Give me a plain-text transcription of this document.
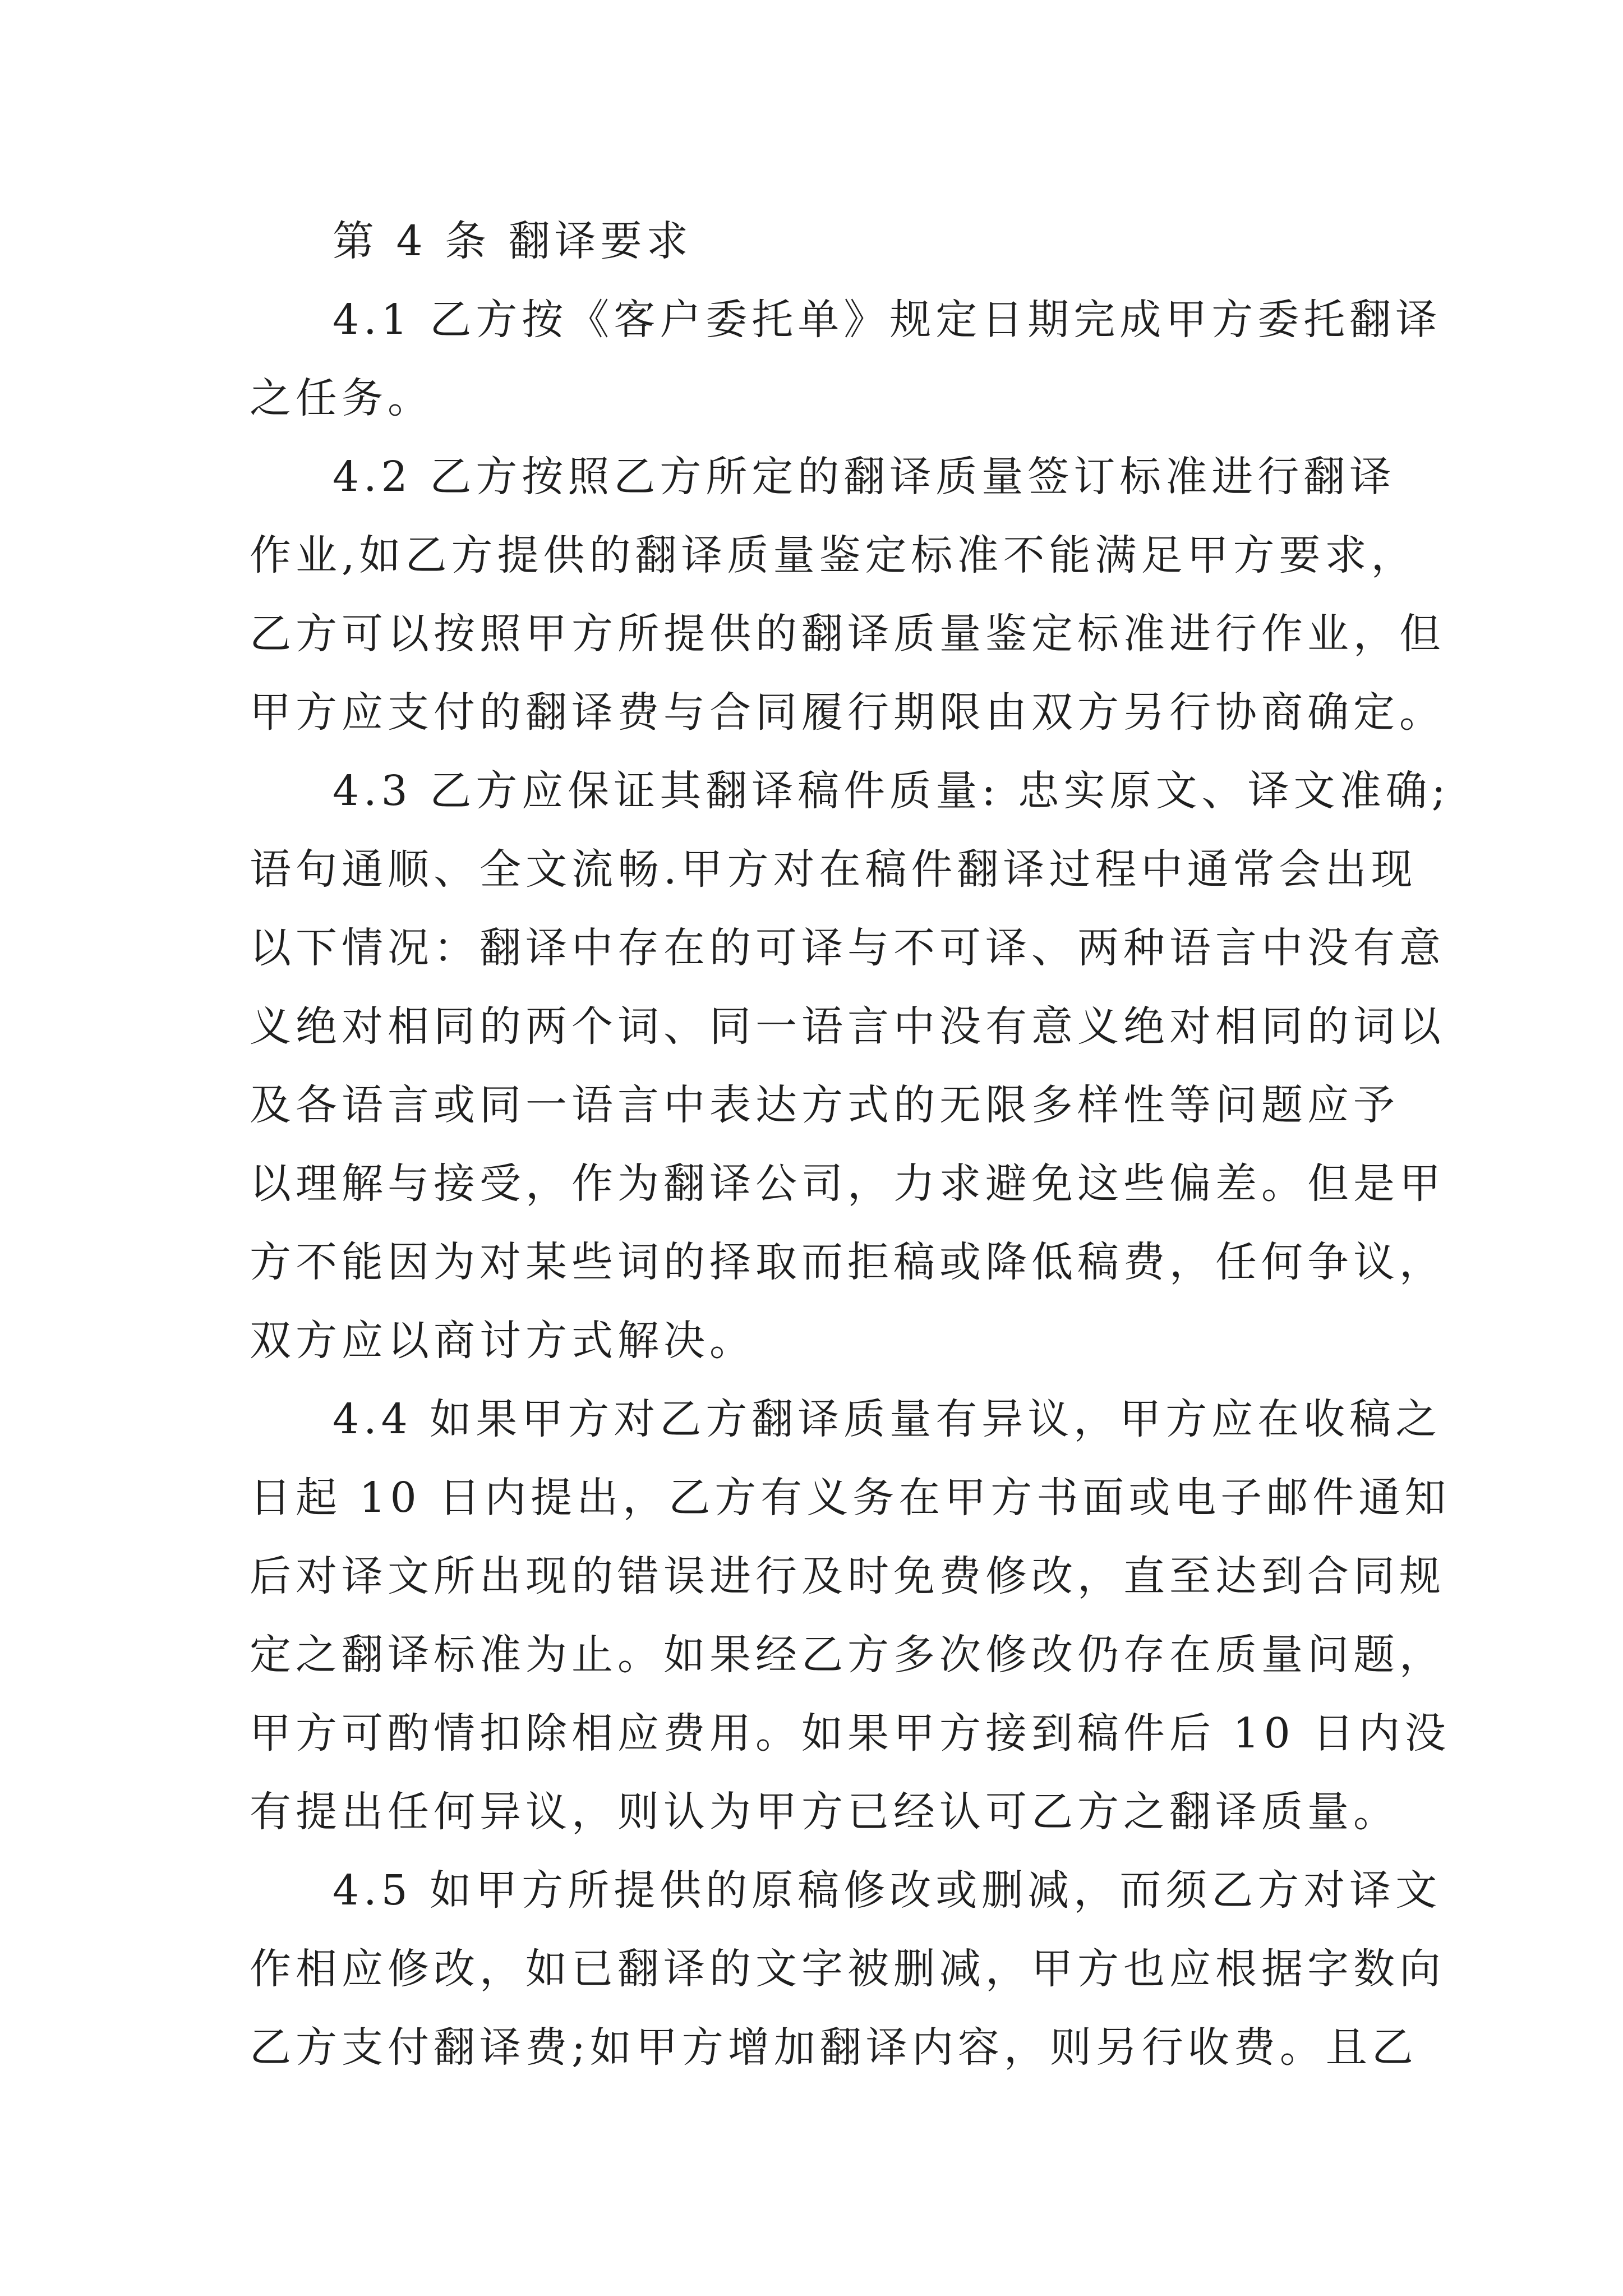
第 4 条 翻译要求
4.1 乙方按《客户委托单》规定日期完成甲方委托翻译
之任务。
4.2 乙方按照乙方所定的翻译质量签订标准进行翻译
作业,如乙方提供的翻译质量鉴定标准不能满足甲方要求，
乙方可以按照甲方所提供的翻译质量鉴定标准进行作业，但
甲方应支付的翻译费与合同履行期限由双方另行协商确定。
4.3 乙方应保证其翻译稿件质量: 忠实原文、译文准确;
语句通顺、全文流畅.甲方对在稿件翻译过程中通常会出现
以下情况：翻译中存在的可译与不可译、两种语言中没有意
义绝对相同的两个词、同一语言中没有意义绝对相同的词以
及各语言或同一语言中表达方式的无限多样性等问题应予
以理解与接受，作为翻译公司，力求避免这些偏差。但是甲
方不能因为对某些词的择取而拒稿或降低稿费，任何争议，
双方应以商讨方式解决。
4.4 如果甲方对乙方翻译质量有异议，甲方应在收稿之
日起 10 日内提出，乙方有义务在甲方书面或电子邮件通知
后对译文所出现的错误进行及时免费修改，直至达到合同规
定之翻译标准为止。如果经乙方多次修改仍存在质量问题，
甲方可酌情扣除相应费用。如果甲方接到稿件后 10 日内没
有提出任何异议，则认为甲方已经认可乙方之翻译质量。
4.5 如甲方所提供的原稿修改或删减，而须乙方对译文
作相应修改，如已翻译的文字被删减，甲方也应根据字数向
乙方支付翻译费;如甲方增加翻译内容，则另行收费。且乙
